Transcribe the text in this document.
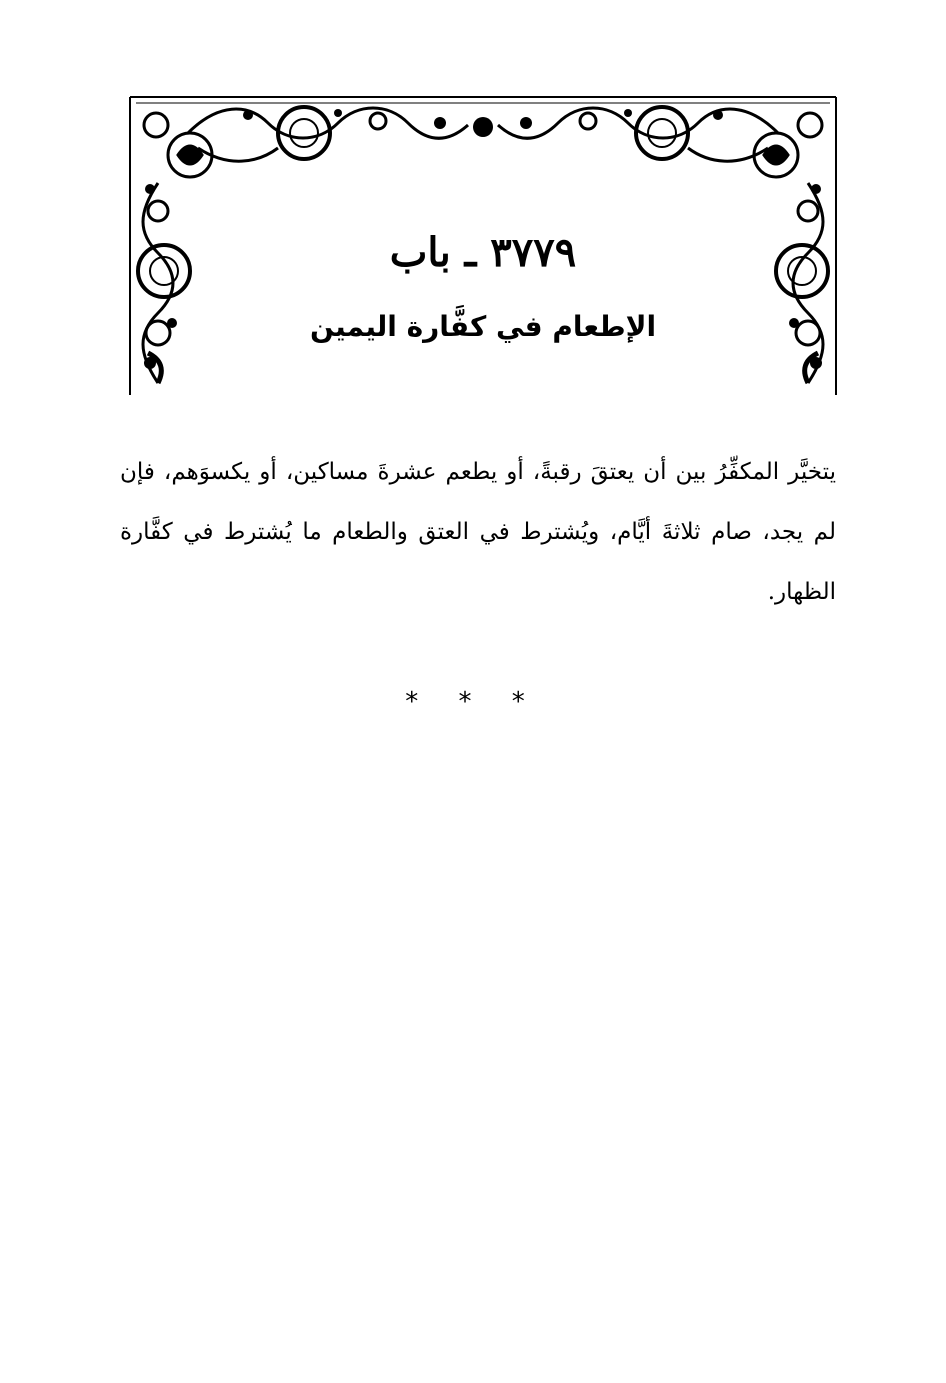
٣٧٧٩ ـ باب
الإطعام في كفَّارة اليمين

يتخيَّر المكفِّرُ بين أن يعتقَ رقبةً، أو يطعم عشرةَ مساكين، أو يكسوَهم، فإن لم يجد، صام ثلاثةَ أيَّام، ويُشترط في العتق والطعام ما يُشترط في كفَّارة الظهار.

* * *
